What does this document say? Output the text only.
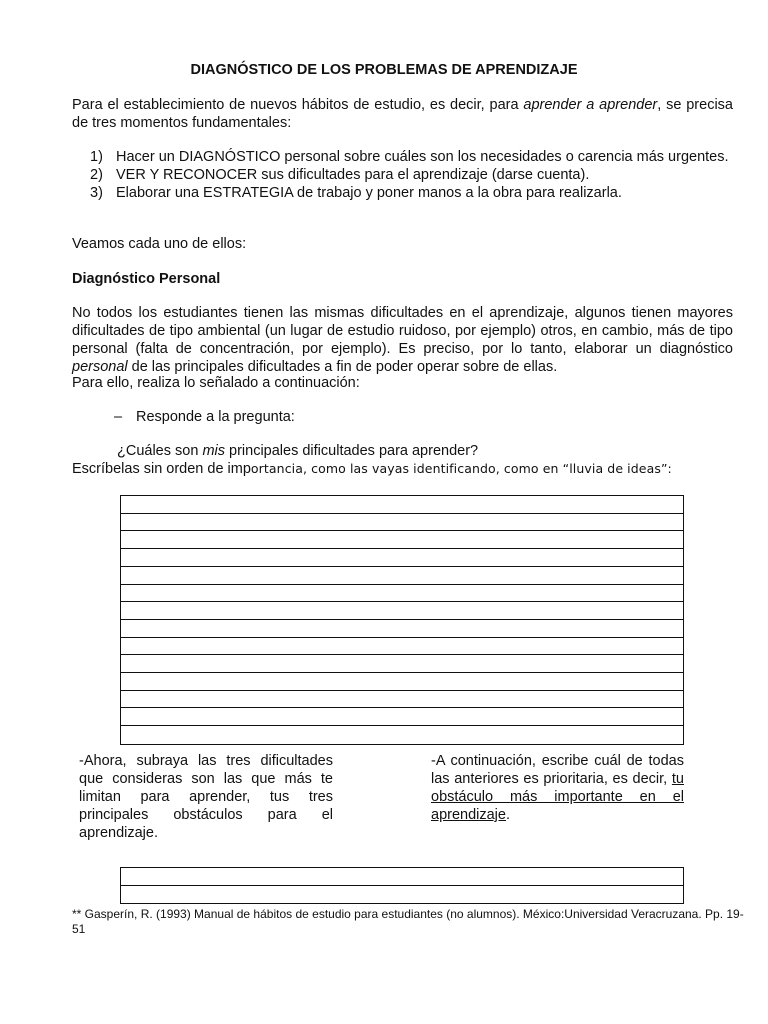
DIAGNÓSTICO DE LOS PROBLEMAS DE APRENDIZAJE
Para el establecimiento de nuevos hábitos de estudio, es decir, para aprender a aprender, se precisa de tres momentos fundamentales:
1) Hacer un DIAGNÓSTICO personal sobre cuáles son los necesidades o carencia más urgentes.
2) VER Y RECONOCER sus dificultades para el aprendizaje (darse cuenta).
3) Elaborar una ESTRATEGIA de trabajo y poner manos a la obra para realizarla.
Veamos cada uno de ellos:
Diagnóstico Personal
No todos los estudiantes tienen las mismas dificultades en el aprendizaje, algunos tienen mayores dificultades de tipo ambiental (un lugar de estudio ruidoso, por ejemplo) otros, en cambio, más de tipo personal (falta de concentración, por ejemplo). Es preciso, por lo tanto, elaborar un diagnóstico personal de las principales dificultades a fin de poder operar sobre de ellas.
Para ello, realiza lo señalado a continuación:
– Responde a la pregunta:
¿Cuáles son mis principales dificultades para aprender?
Escríbelas sin orden de importancia, como las vayas identificando, como en “lluvia de ideas”:
-Ahora, subraya las tres dificultades que consideras son las que más te limitan para aprender, tus tres principales obstáculos para el aprendizaje.
-A continuación, escribe cuál de todas las anteriores es prioritaria, es decir, tu obstáculo más importante en el aprendizaje.
** Gasperín, R. (1993) Manual de hábitos de estudio para estudiantes (no alumnos). México:Universidad Veracruzana. Pp. 19-51
